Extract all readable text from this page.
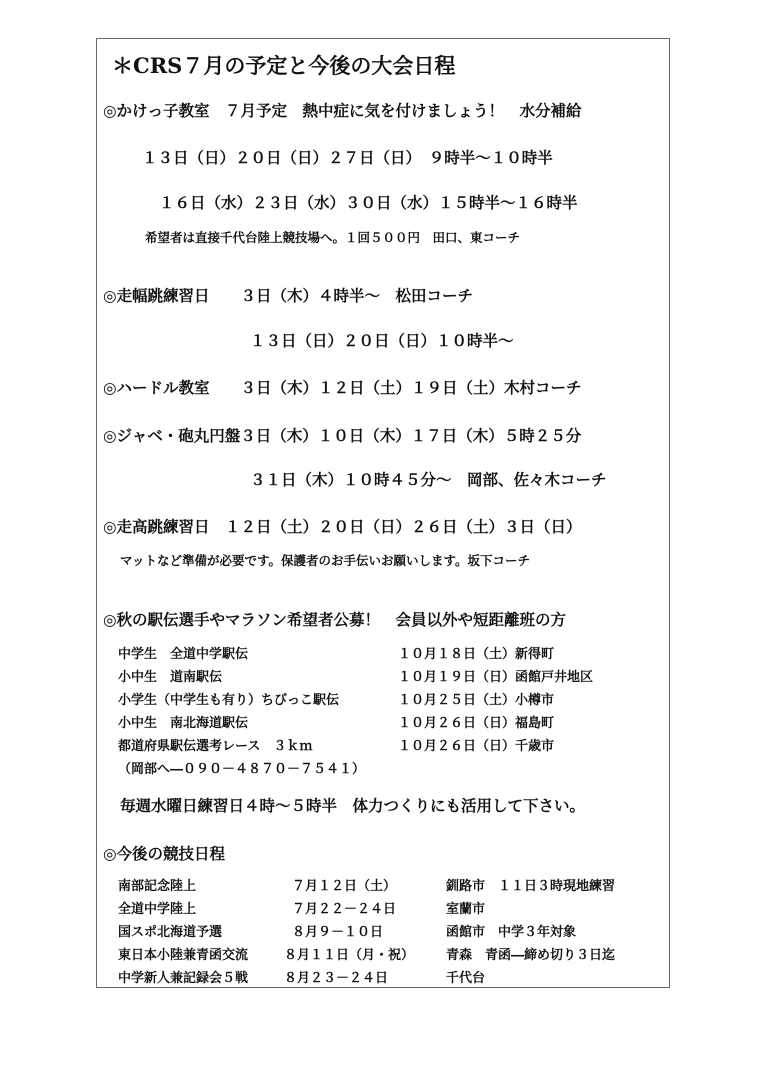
＊CRS７月の予定と今後の大会日程
◎かけっ子教室　７月予定　熱中症に気を付けましょう！　水分補給
１３日（日）２０日（日）２７日（日）　９時半～１０時半
１６日（水）２３日（水）３０日（水）１５時半～１６時半
希望者は直接千代台陸上競技場へ。１回５００円　田口、東コーチ
◎走幅跳練習日　　３日（木）４時半～　松田コーチ
１３日（日）２０日（日）１０時半～
◎ハードル教室　　３日（木）１２日（土）１９日（土）木村コーチ
◎ジャベ・砲丸円盤３日（木）１０日（木）１７日（木）５時２５分
３１日（木）１０時４５分～　岡部、佐々木コーチ
◎走高跳練習日　１２日（土）２０日（日）２６日（土）３日（日）
マットなど準備が必要です。保護者のお手伝いお願いします。坂下コーチ
◎秋の駅伝選手やマラソン希望者公募！　会員以外や短距離班の方
中学生　全道中学駅伝	１０月１８日（土）新得町
小中生　道南駅伝	１０月１９日（日）函館戸井地区
小学生（中学生も有り）ちびっこ駅伝	１０月２５日（土）小樽市
小中生　南北海道駅伝	１０月２６日（日）福島町
都道府県駅伝選考レース　３ｋｍ	１０月２６日（日）千歳市
（岡部へ―０９０－４８７０－７５４１）
毎週水曜日練習日４時～５時半　体力つくりにも活用して下さい。
◎今後の競技日程
南部記念陸上	７月１２日（土）	釧路市　１１日３時現地練習
全道中学陸上	７月２２－２４日	室蘭市
国スポ北海道予選	８月９－１０日	函館市　中学３年対象
東日本小陸兼青函交流	８月１１日（月・祝） 青森　青函―締め切り３日迄
中学新人兼記録会５戦	８月２３－２４日	千代台
